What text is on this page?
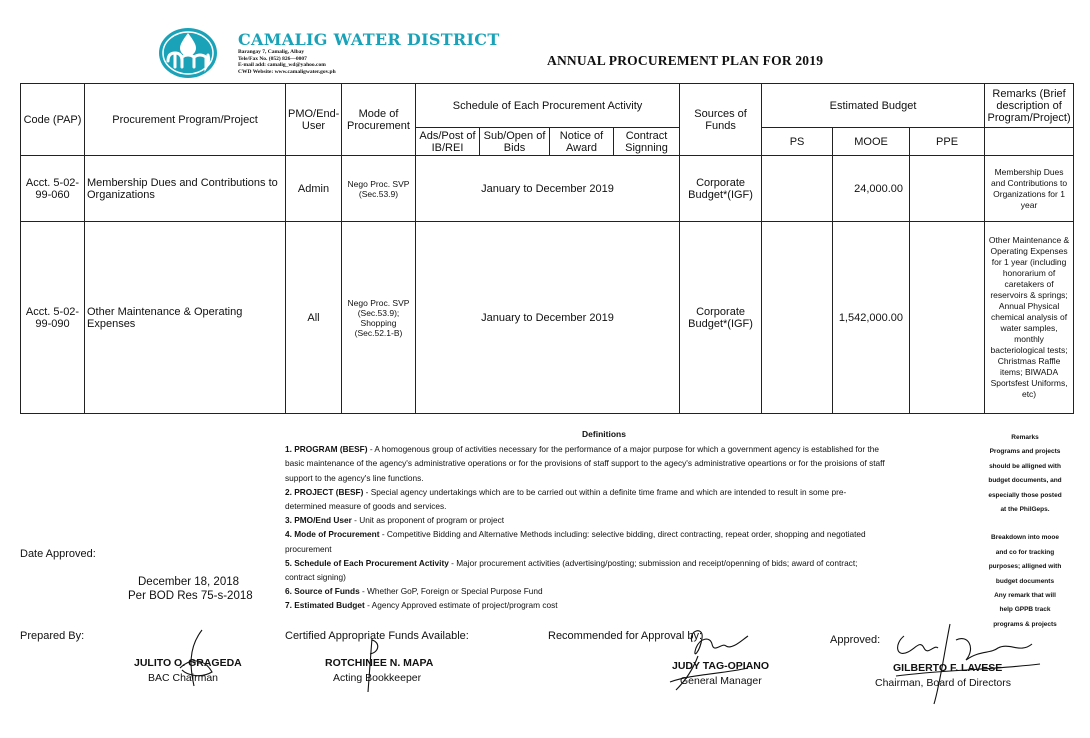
CAMALIG WATER DISTRICT
Barangay 7, Camalig, Albay
Tele/Fax No. (052) 826—0007
E-mail add: camalig_wd@yahoo.com
CWD Website: www.camaligwater.gov.ph
ANNUAL PROCUREMENT PLAN FOR 2019
Code (PAP)	Procurement Program/Project	PMO/End-User	Mode of Procurement	Schedule of Each Procurement Activity				Sources of Funds	Estimated Budget			Remarks (Brief description of Program/Project)
				Ads/Post of IB/REI	Sub/Open of Bids	Notice of Award	Contract Signning		PS	MOOE	PPE	
Acct. 5-02-99-060	Membership Dues and Contributions to Organizations	Admin	Nego Proc. SVP (Sec.53.9)	January to December 2019				Corporate Budget*(IGF)		24,000.00		Membership Dues and Contributions to Organizations for 1 year
Acct. 5-02-99-090	Other Maintenance & Operating Expenses	All	Nego Proc. SVP (Sec.53.9); Shopping (Sec.52.1-B)	January to December 2019				Corporate Budget*(IGF)		1,542,000.00		Other Maintenance & Operating Expenses for 1 year (including honorarium of caretakers of reservoirs & springs; Annual Physical chemical analysis of water samples, monthly bacteriological tests; Christmas Raffle items; BIWADA Sportsfest Uniforms, etc)
Definitions

1. PROGRAM (BESF) - A homogenous group of activities necessary for the performance of a major purpose for which a government agency is established for the basic maintenance of the agency's administrative operations or for the provisions of staff support to the agecy's administrative opeartions or for the proisions of staff support to the agency's line functions.

2. PROJECT (BESF) - Special agency undertakings which are to be carried out within a definite time frame and which are intended to result in some pre-determined measure of goods and services.

3. PMO/End User - Unit as proponent of program or project

4. Mode of Procurement - Competitive Bidding and Alternative Methods including: selective bidding, direct contracting, repeat order, shopping and negotiated procurement

5. Schedule of Each Procurement Activity - Major procurement activities (advertising/posting; submission and receipt/openning of bids; award of contract; contract signing)

6. Source of Funds - Whether GoP, Foreign or Special Purpose Fund

7. Estimated Budget - Agency Approved estimate of project/program cost

Remarks
Programs and projects
should be alligned with
budget documents, and
especially those posted
at the PhilGeps.
Breakdown into mooe
and co for tracking
purposes; alligned with
budget documents
Any remark that will
help GPPB track
programs & projects
Date Approved:
December 18, 2018
Per BOD Res 75-s-2018
Prepared By:
JULITO O. GRAGEDA
BAC Chairman
Certified Appropriate Funds Available:
ROTCHINEE N. MAPA
Acting Bookkeeper
Recommended for Approval by:
JUDY TAG-OPIANO
General Manager
Approved:
GILBERTO F. LAVESE
Chairman, Board of Directors
